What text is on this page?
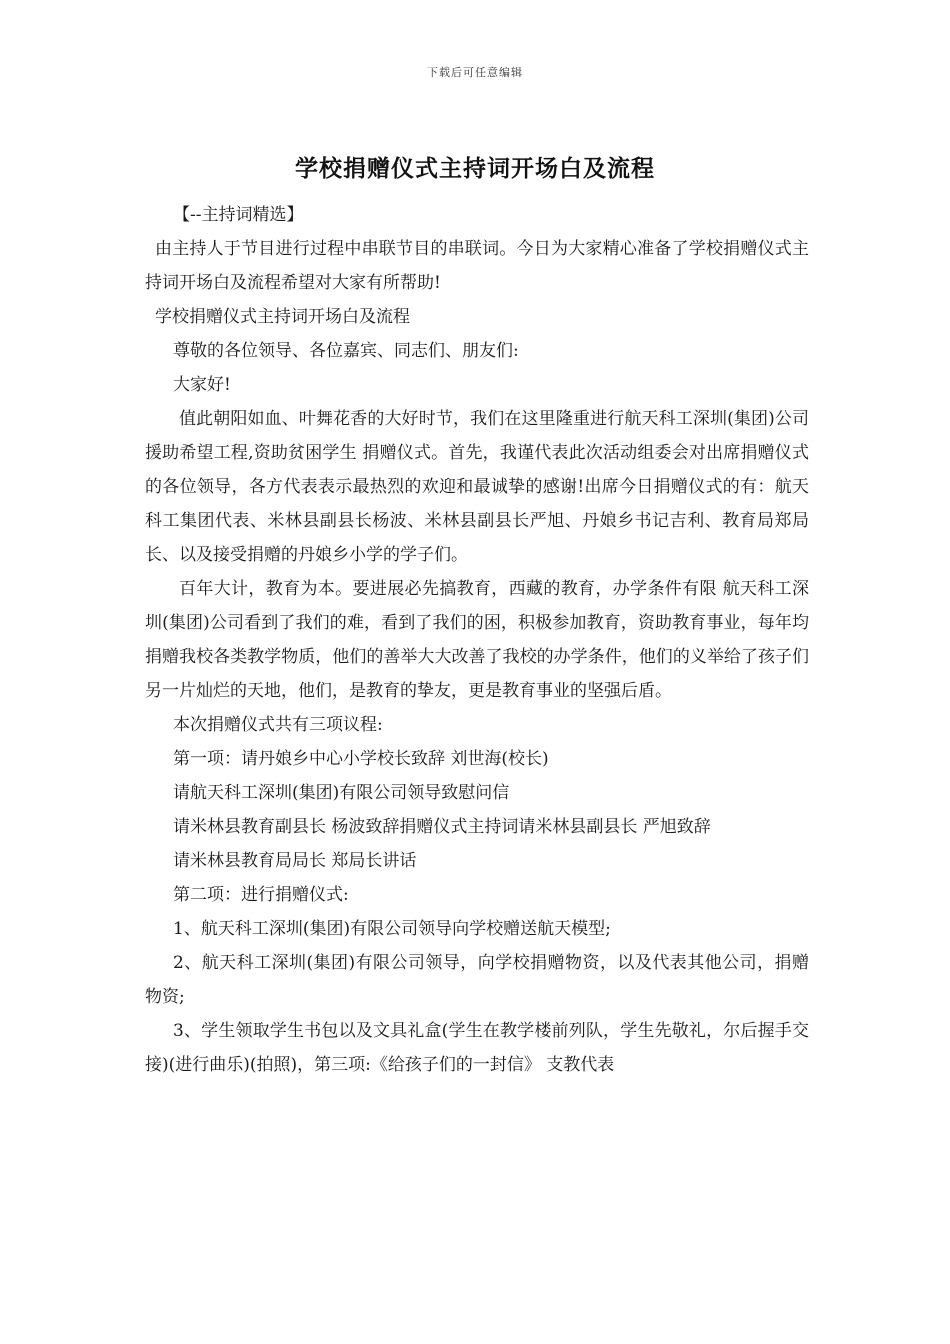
下载后可任意编辑
学校捐赠仪式主持词开场白及流程

【--主持词精选】

由主持人于节目进行过程中串联节目的串联词。今日为大家精心准备了学校捐赠仪式主持词开场白及流程希望对大家有所帮助!

学校捐赠仪式主持词开场白及流程

尊敬的各位领导、各位嘉宾、同志们、朋友们:

大家好!

值此朝阳如血、叶舞花香的大好时节，我们在这里隆重进行航天科工深圳(集团)公司 援助希望工程,资助贫困学生 捐赠仪式。首先，我谨代表此次活动组委会对出席捐赠仪式的各位领导，各方代表表示最热烈的欢迎和最诚挚的感谢!出席今日捐赠仪式的有：航天科工集团代表、米林县副县长杨波、米林县副县长严旭、丹娘乡书记吉利、教育局郑局长、以及接受捐赠的丹娘乡小学的学子们。

百年大计，教育为本。要进展必先搞教育，西藏的教育，办学条件有限 航天科工深圳(集团)公司看到了我们的难，看到了我们的困，积极参加教育，资助教育事业，每年均捐赠我校各类教学物质，他们的善举大大改善了我校的办学条件，他们的义举给了孩子们另一片灿烂的天地，他们，是教育的挚友，更是教育事业的坚强后盾。

本次捐赠仪式共有三项议程:

第一项：请丹娘乡中心小学校长致辞 刘世海(校长)

请航天科工深圳(集团)有限公司领导致慰问信

请米林县教育副县长 杨波致辞捐赠仪式主持词请米林县副县长 严旭致辞

请米林县教育局局长 郑局长讲话

第二项：进行捐赠仪式:

1、航天科工深圳(集团)有限公司领导向学校赠送航天模型;

2、航天科工深圳(集团)有限公司领导，向学校捐赠物资，以及代表其他公司，捐赠物资;

3、学生领取学生书包以及文具礼盒(学生在教学楼前列队，学生先敬礼，尔后握手交接)(进行曲乐)(拍照)，第三项:《给孩子们的一封信》 支教代表
